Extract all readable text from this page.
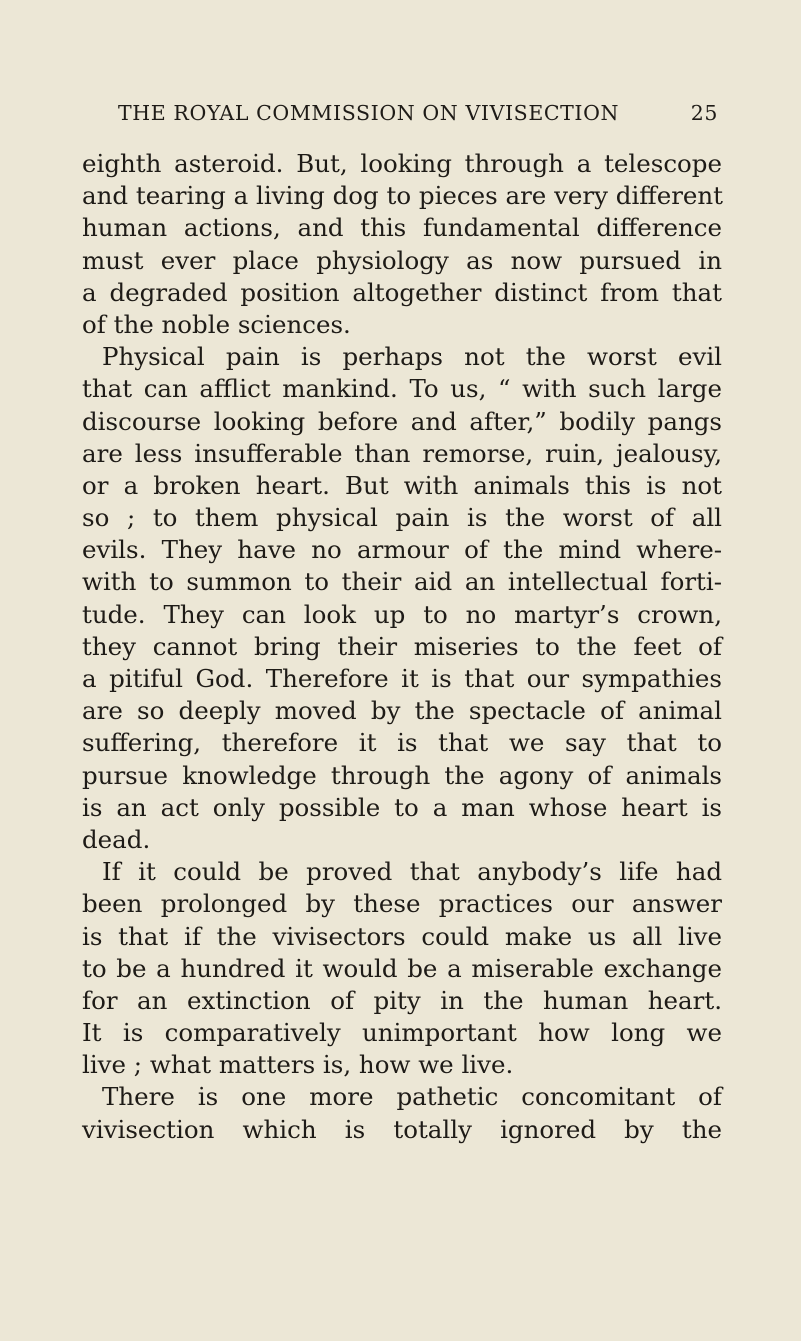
THE ROYAL COMMISSION ON VIVISECTION	25
eighth asteroid. But, looking through a telescope
and tearing a living dog to pieces are very different
human actions, and this fundamental difference
must ever place physiology as now pursued in
a degraded position altogether distinct from that
of the noble sciences.
Physical pain is perhaps not the worst evil
that can afflict mankind. To us, “ with such large
discourse looking before and after,” bodily pangs
are less insufferable than remorse, ruin, jealousy,
or a broken heart. But with animals this is not
so ; to them physical pain is the worst of all
evils. They have no armour of the mind where-
with to summon to their aid an intellectual forti-
tude. They can look up to no martyr’s crown,
they cannot bring their miseries to the feet of
a pitiful God. Therefore it is that our sympathies
are so deeply moved by the spectacle of animal
suffering, therefore it is that we say that to
pursue knowledge through the agony of animals
is an act only possible to a man whose heart is
dead.
If it could be proved that anybody’s life had
been prolonged by these practices our answer
is that if the vivisectors could make us all live
to be a hundred it would be a miserable exchange
for an extinction of pity in the human heart.
It is comparatively unimportant how long we
live ; what matters is, how we live.
There is one more pathetic concomitant of
vivisection which is totally ignored by the
